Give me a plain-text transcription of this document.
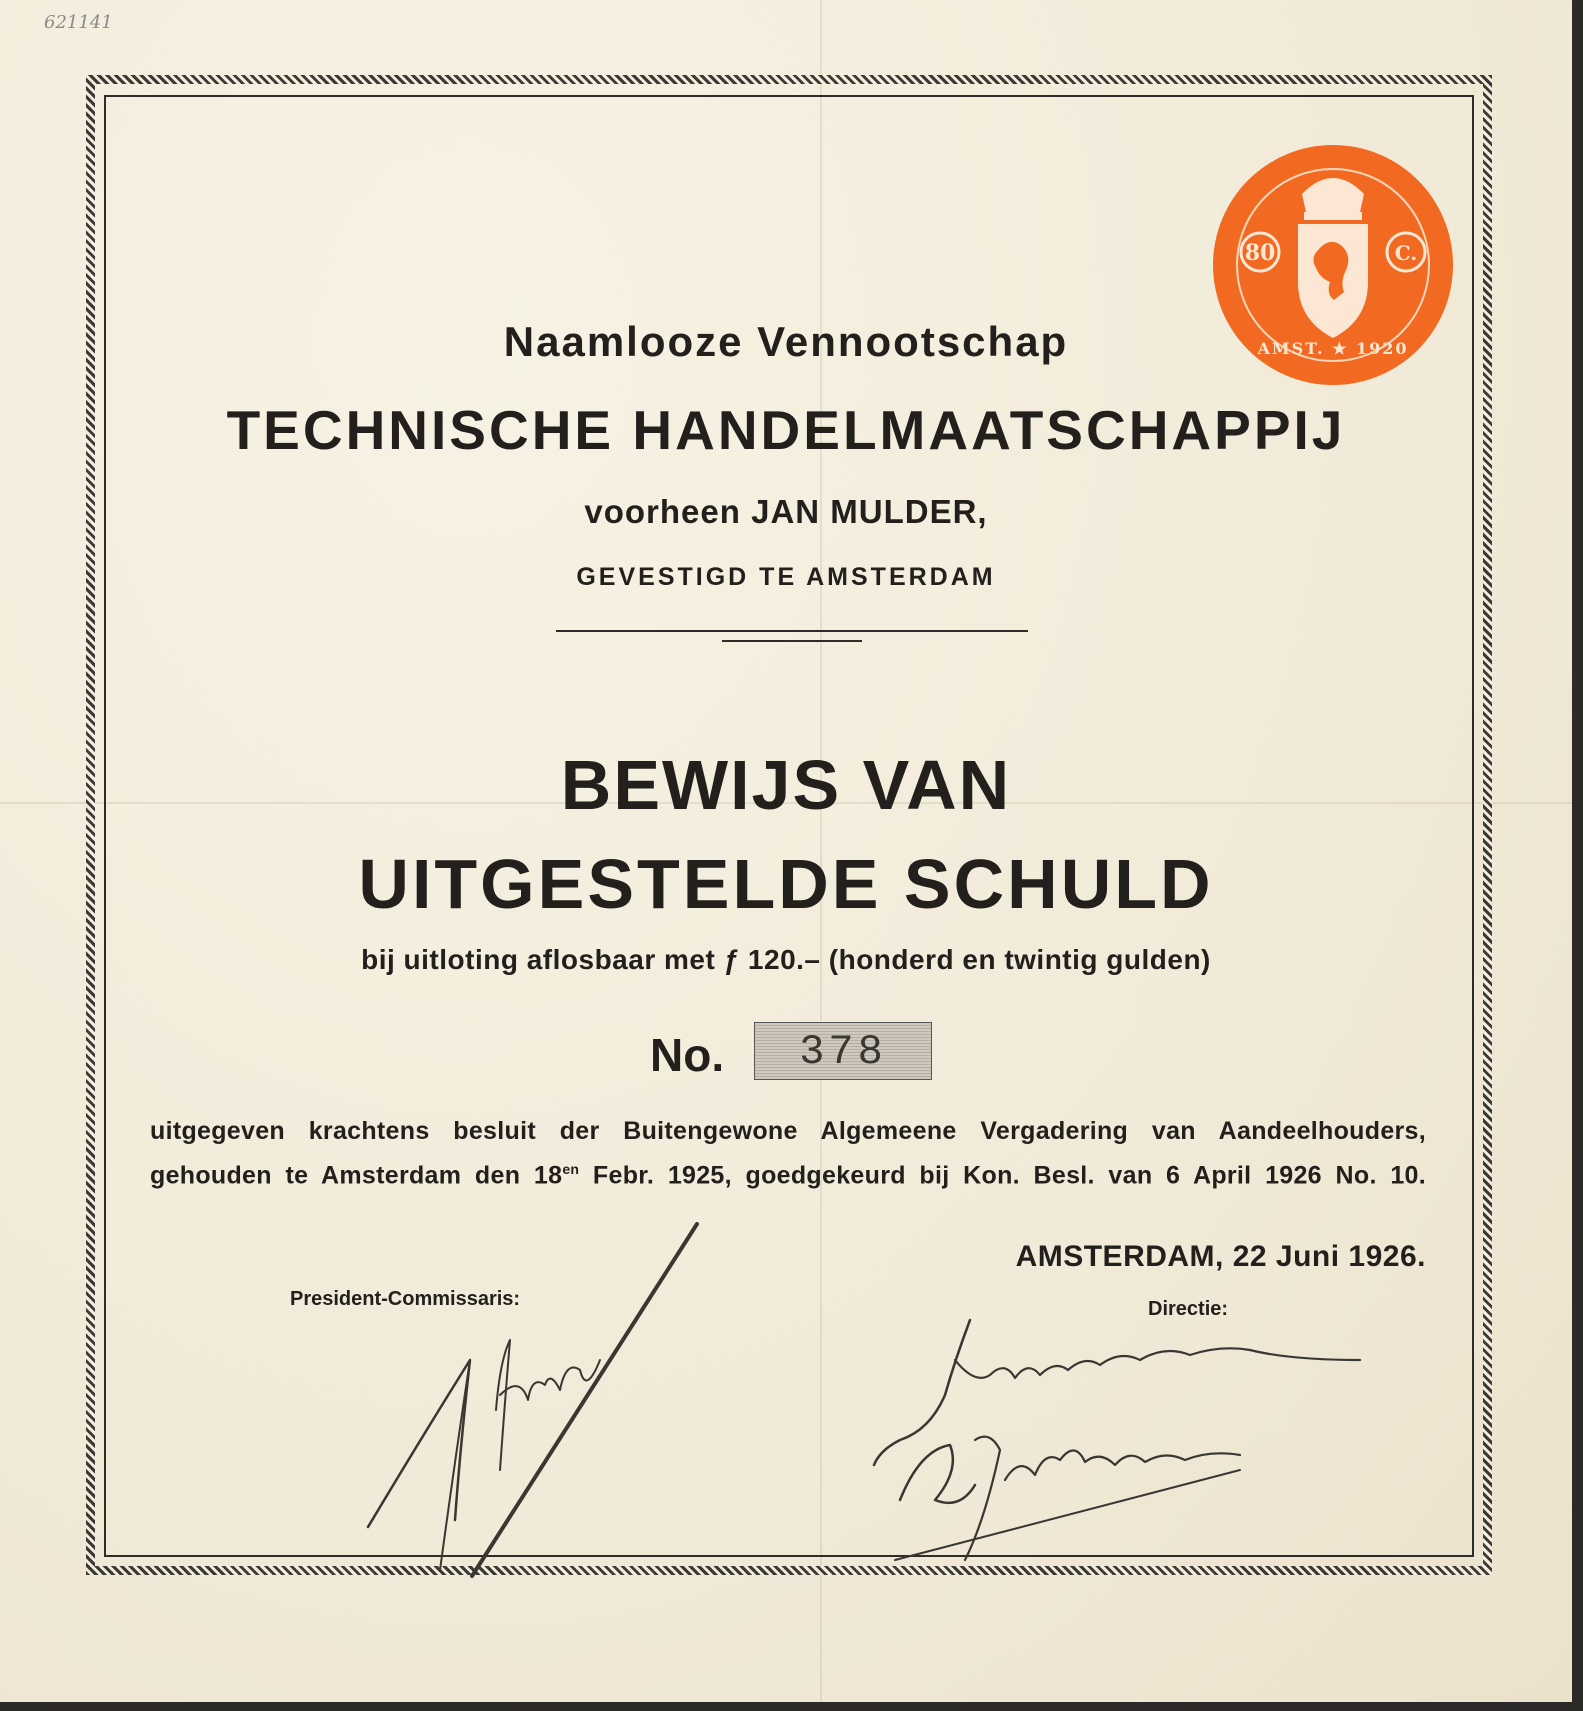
621141
80	C.
AMST. ★ 1920
Naamlooze Vennootschap
TECHNISCHE HANDELMAATSCHAPPIJ
voorheen JAN MULDER,
GEVESTIGD TE AMSTERDAM
BEWIJS VAN
UITGESTELDE SCHULD
bij uitloting aflosbaar met ƒ 120.– (honderd en twintig gulden)
No.	378
uitgegeven krachtens besluit der Buitengewone Algemeene Vergadering van Aandeelhouders,
gehouden te Amsterdam den $18^{en}$ Febr. 1925, goedgekeurd bij Kon. Besl. van 6 April 1926 No. 10.
AMSTERDAM, 22 Juni 1926.
President-Commissaris:	Directie:
